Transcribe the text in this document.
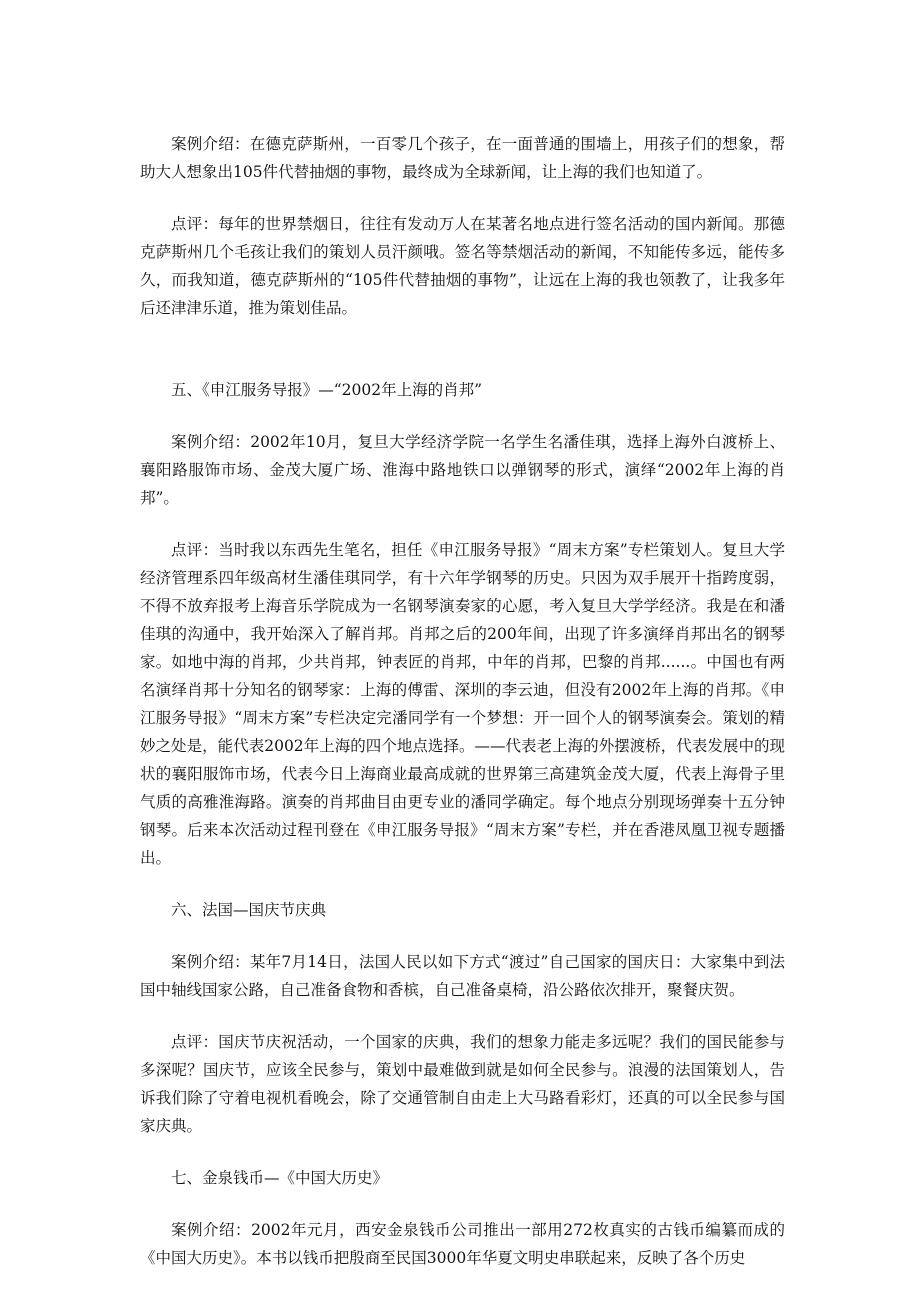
案例介绍：在德克萨斯州，一百零几个孩子，在一面普通的围墙上，用孩子们的想象，帮助大人想象出105件代替抽烟的事物，最终成为全球新闻，让上海的我们也知道了。

点评：每年的世界禁烟日，往往有发动万人在某著名地点进行签名活动的国内新闻。那德克萨斯州几个毛孩让我们的策划人员汗颜哦。签名等禁烟活动的新闻，不知能传多远，能传多久，而我知道，德克萨斯州的“105件代替抽烟的事物”，让远在上海的我也领教了，让我多年后还津津乐道，推为策划佳品。

五、《申江服务导报》—“2002年上海的肖邦”

案例介绍：2002年10月，复旦大学经济学院一名学生名潘佳琪，选择上海外白渡桥上、襄阳路服饰市场、金茂大厦广场、淮海中路地铁口以弹钢琴的形式，演绎“2002年上海的肖邦”。

点评：当时我以东西先生笔名，担任《申江服务导报》“周末方案”专栏策划人。复旦大学经济管理系四年级高材生潘佳琪同学，有十六年学钢琴的历史。只因为双手展开十指跨度弱，不得不放弃报考上海音乐学院成为一名钢琴演奏家的心愿，考入复旦大学学经济。我是在和潘佳琪的沟通中，我开始深入了解肖邦。肖邦之后的200年间，出现了许多演绎肖邦出名的钢琴家。如地中海的肖邦，少共肖邦，钟表匠的肖邦，中年的肖邦，巴黎的肖邦......。中国也有两名演绎肖邦十分知名的钢琴家：上海的傅雷、深圳的李云迪，但没有2002年上海的肖邦。《申江服务导报》“周末方案”专栏决定完潘同学有一个梦想：开一回个人的钢琴演奏会。策划的精妙之处是，能代表2002年上海的四个地点选择。——代表老上海的外摆渡桥，代表发展中的现状的襄阳服饰市场，代表今日上海商业最高成就的世界第三高建筑金茂大厦，代表上海骨子里气质的高雅淮海路。演奏的肖邦曲目由更专业的潘同学确定。每个地点分别现场弹奏十五分钟钢琴。后来本次活动过程刊登在《申江服务导报》“周末方案”专栏，并在香港凤凰卫视专题播出。

六、法国—国庆节庆典

案例介绍：某年7月14日，法国人民以如下方式“渡过”自己国家的国庆日：大家集中到法国中轴线国家公路，自己准备食物和香槟，自己准备桌椅，沿公路依次排开，聚餐庆贺。

点评：国庆节庆祝活动，一个国家的庆典，我们的想象力能走多远呢？我们的国民能参与多深呢？国庆节，应该全民参与，策划中最难做到就是如何全民参与。浪漫的法国策划人，告诉我们除了守着电视机看晚会，除了交通管制自由走上大马路看彩灯，还真的可以全民参与国家庆典。

七、金泉钱币—《中国大历史》

案例介绍：2002年元月，西安金泉钱币公司推出一部用272枚真实的古钱币编纂而成的《中国大历史》。本书以钱币把殷商至民国3000年华夏文明史串联起来，反映了各个历史
